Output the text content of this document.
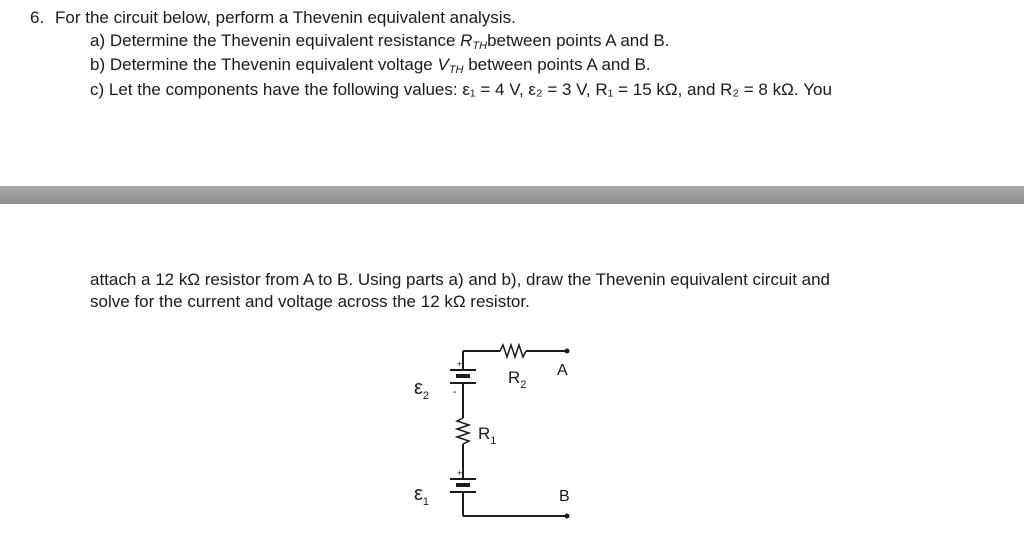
6. For the circuit below, perform a Thevenin equivalent analysis.
a) Determine the Thevenin equivalent resistance $R_{TH}between$ points A and B.
b) Determine the Thevenin equivalent voltage $V_{TH}$ between points A and B.
c) Let the components have the following values: ε₁ = 4 V, ε₂ = 3 V, R₁ = 15 kΩ, and R₂ = 8 kΩ. You
attach a 12 kΩ resistor from A to B. Using parts a) and b), draw the Thevenin equivalent circuit and
solve for the current and voltage across the 12 kΩ resistor.
+
-
+
$\varepsilon_2$
$\varepsilon_1$
$R_1$
$R_2$
A
B
